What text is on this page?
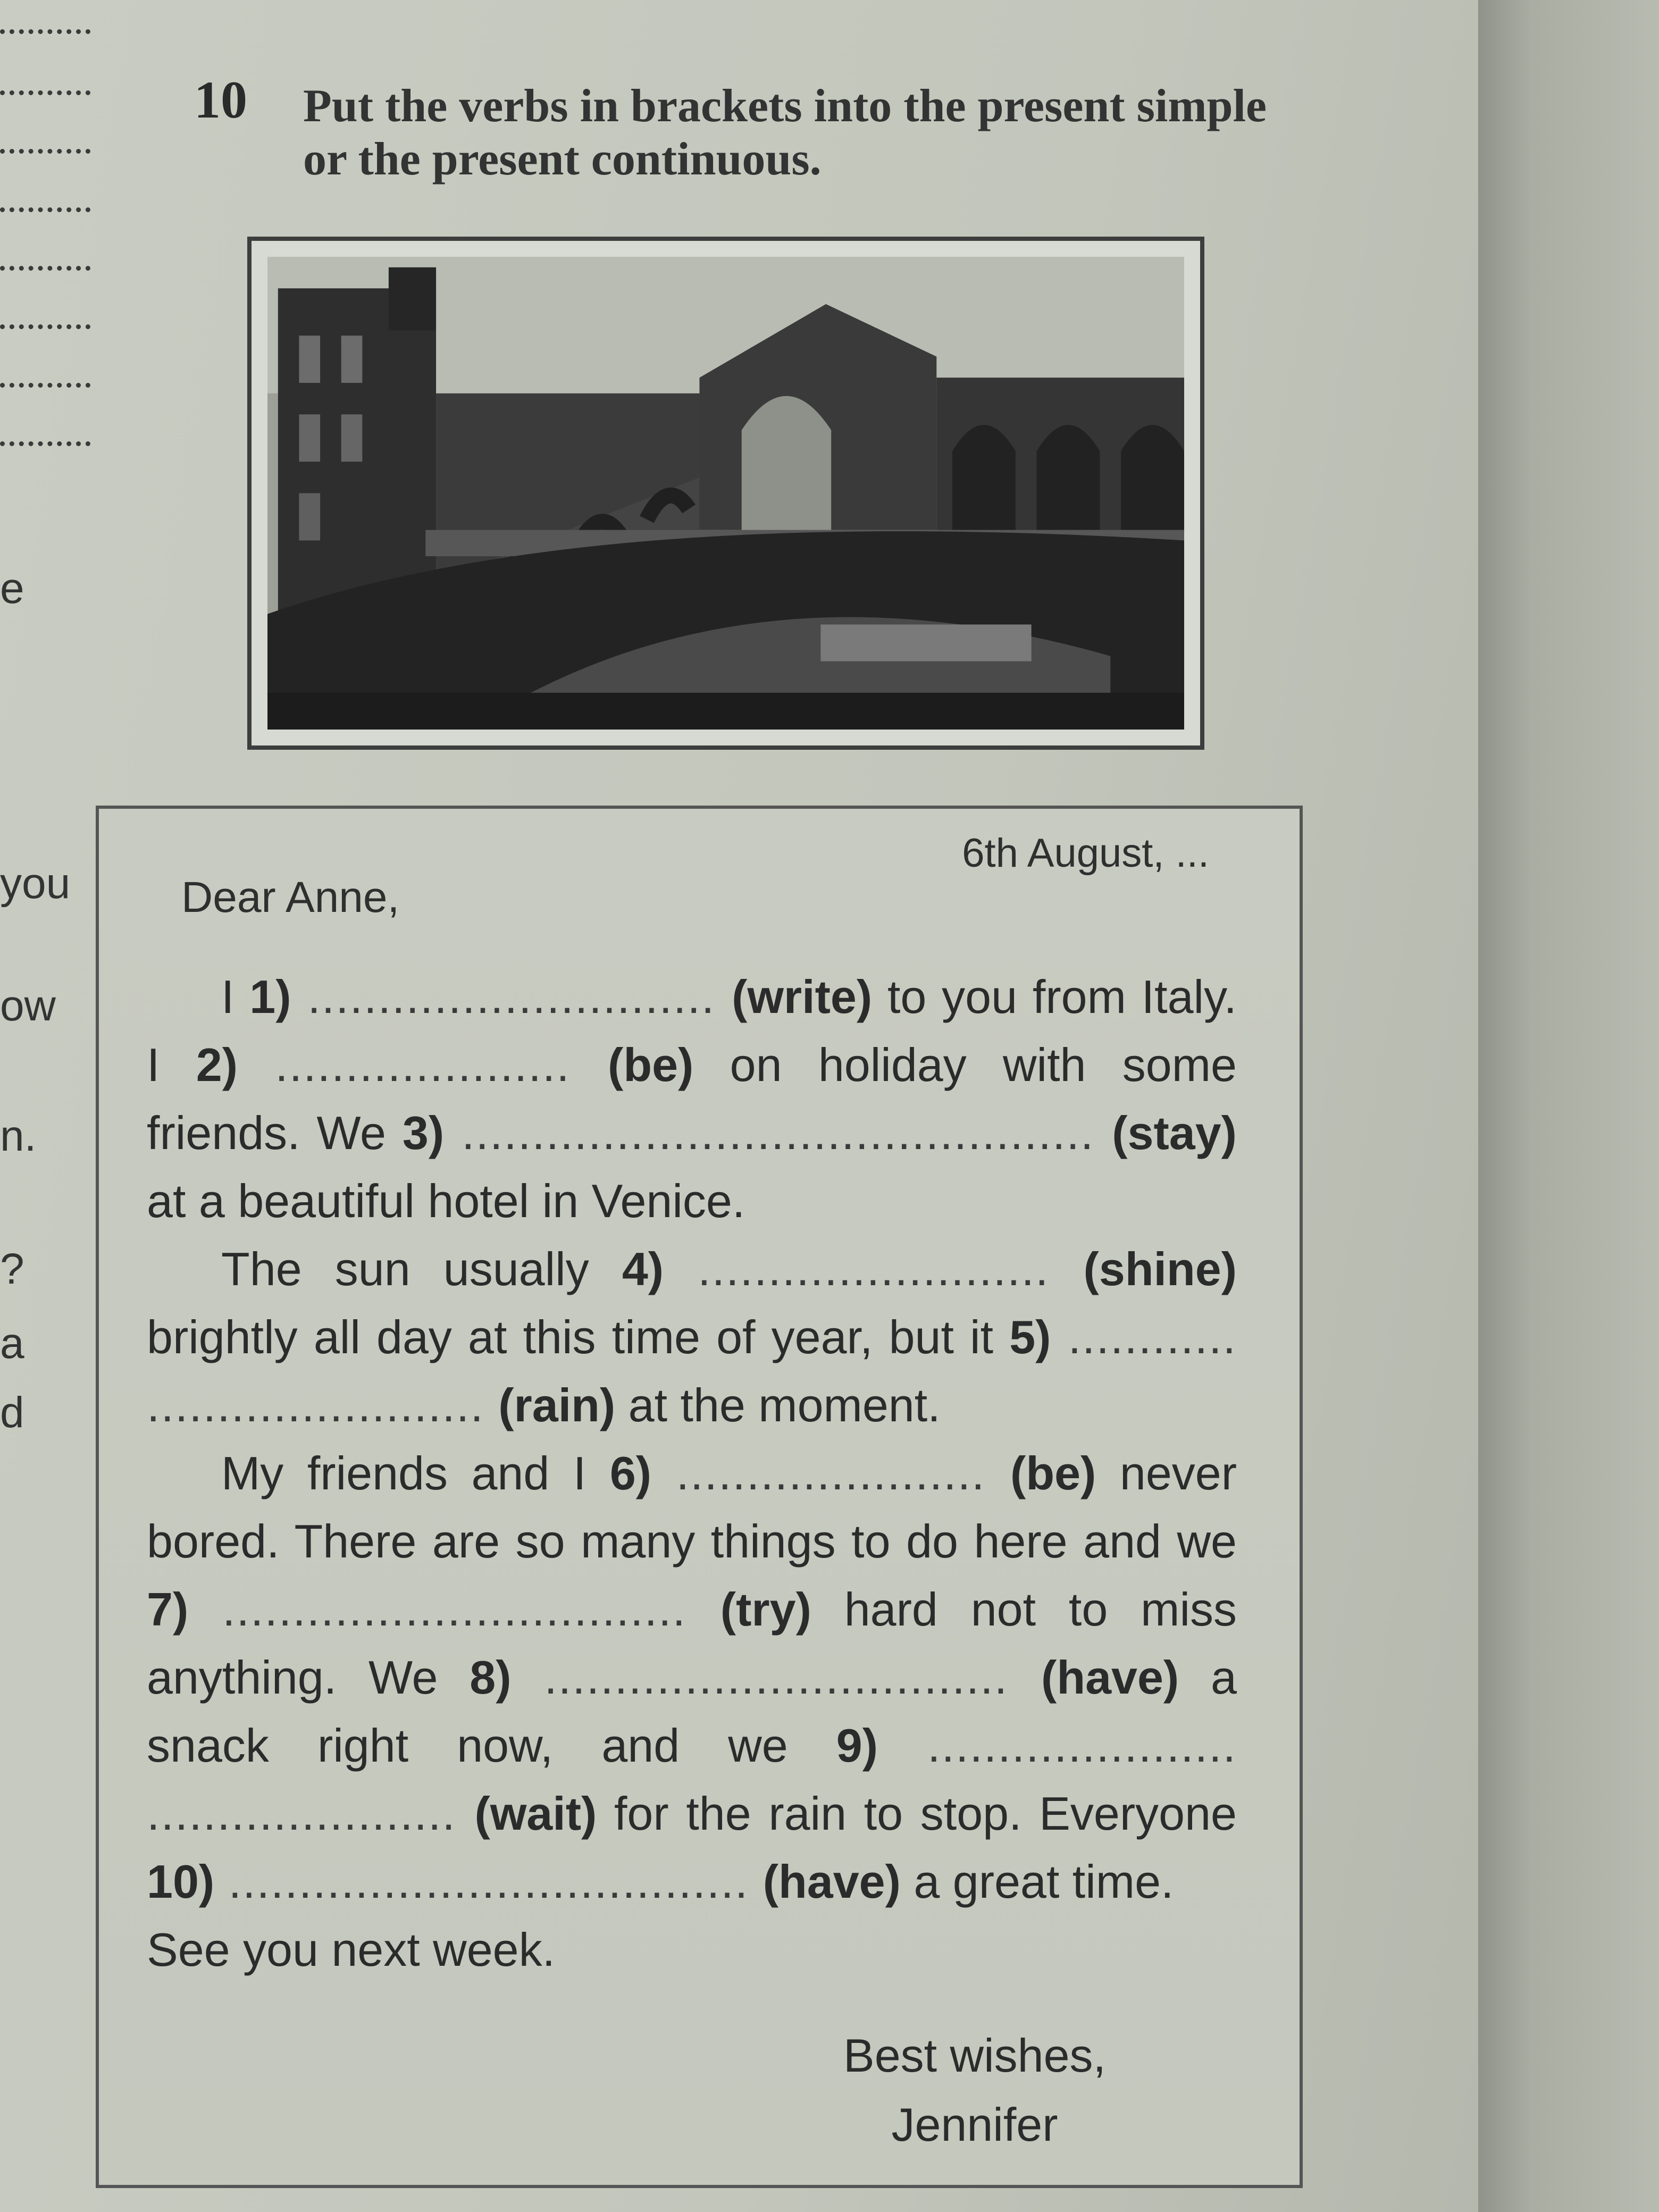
e
you
ow
n.
?
a
d
10 Put the verbs in brackets into the present simple or the present continuous.
6th August, ...
Dear Anne,

I 1) ............................. (write) to you from Italy. I 2) ..................... (be) on holiday with some friends. We 3) ............................................. (stay) at a beautiful hotel in Venice.

The sun usually 4) ......................... (shine) brightly all day at this time of year, but it 5) ............ ........................ (rain) at the moment.

My friends and I 6) ...................... (be) never bored. There are so many things to do here and we 7) ................................. (try) hard not to miss anything. We 8) ................................. (have) a snack right now, and we 9) ...................... ...................... (wait) for the rain to stop. Everyone 10) ..................................... (have) a great time.

See you next week.

Best wishes,
Jennifer
